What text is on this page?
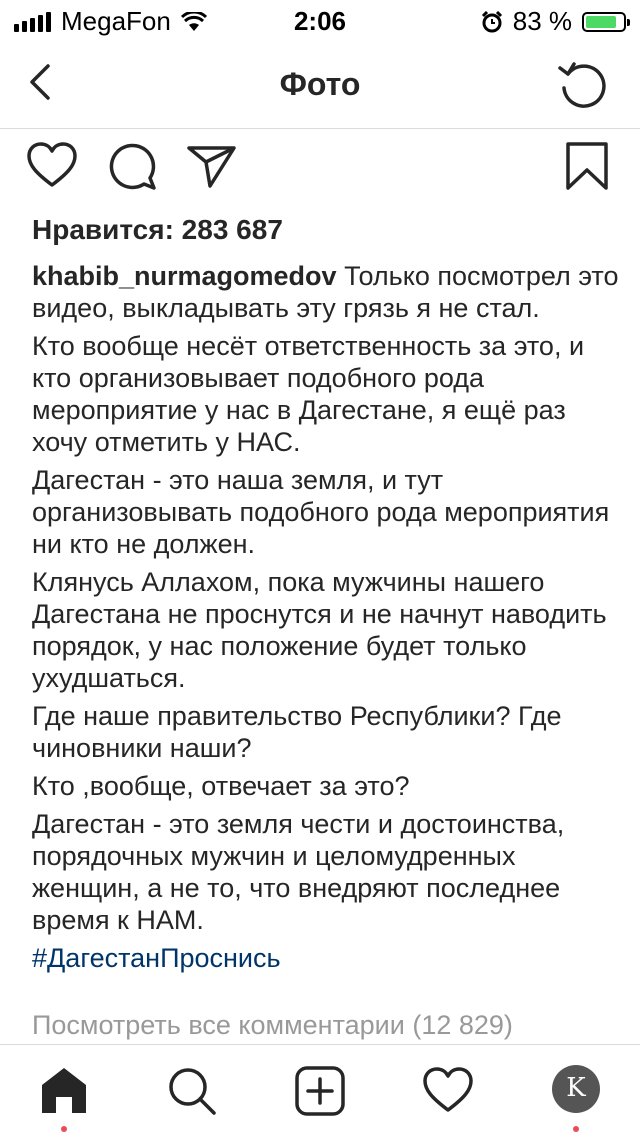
MegaFon	2:06	83 %
Фото
Нравится: 283 687

khabib_nurmagomedov Только посмотрел это видео, выкладывать эту грязь я не стал.

Кто вообще несёт ответственность за это, и кто организовывает подобного рода мероприятие у нас в Дагестане, я ещё раз хочу отметить у НАС.

Дагестан - это наша земля, и тут организовывать подобного рода мероприятия ни кто не должен.

Клянусь Аллахом, пока мужчины нашего Дагестана не проснутся и не начнут наводить порядок, у нас положение будет только ухудшаться.

Где наше правительство Республики? Где чиновники наши?

Кто ,вообще, отвечает за это?

Дагестан - это земля чести и достоинства, порядочных мужчин и целомудренных женщин, а не то, что внедряют последнее время к НАМ.

#ДагестанПроснись

Посмотреть все комментарии (12 829)
K
